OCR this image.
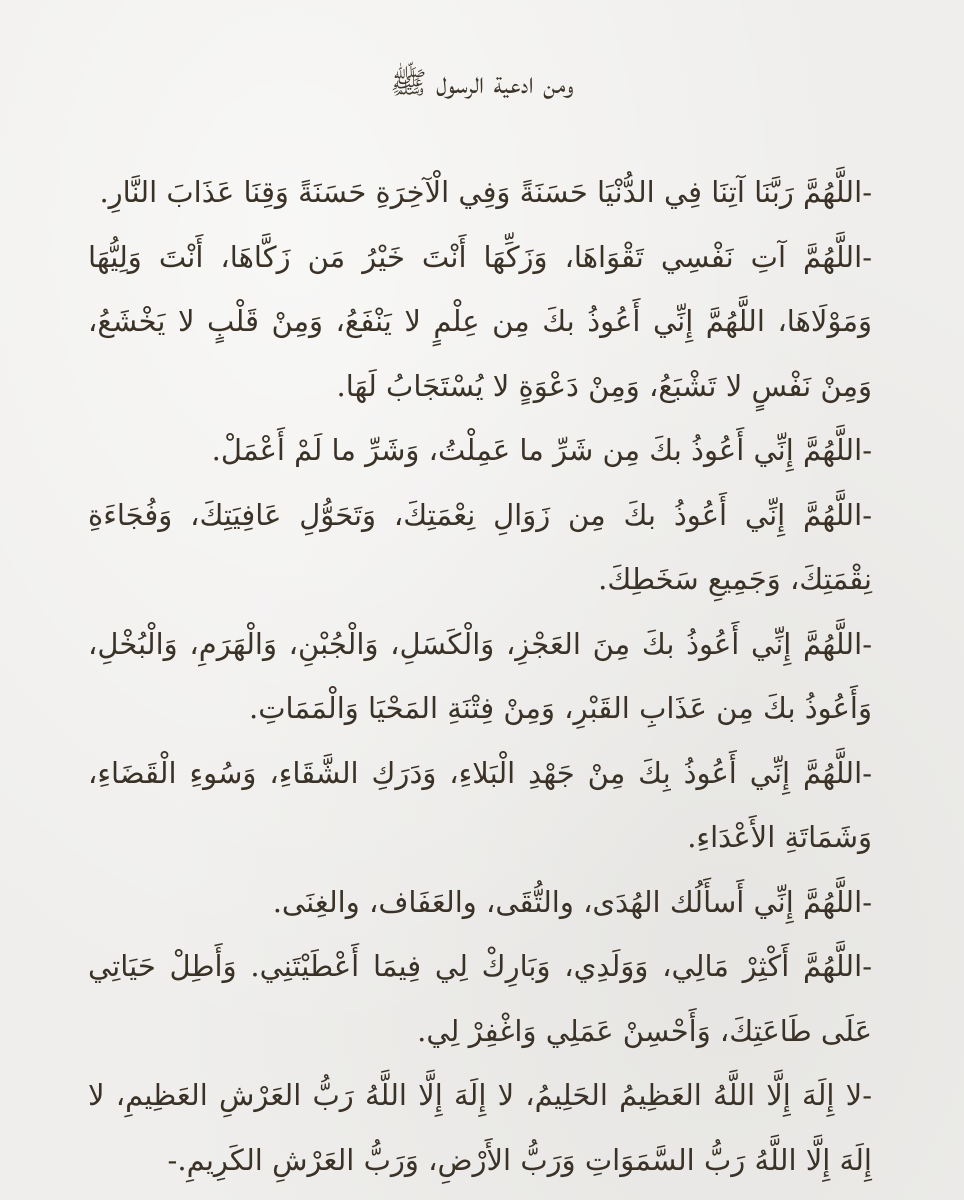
ومن ادعية الرسول ﷺ

-اللَّهُمَّ رَبَّنَا آتِنَا فِي الدُّنْيَا حَسَنَةً وَفِي الْآخِرَةِ حَسَنَةً وَقِنَا عَذَابَ النَّارِ.

-اللَّهُمَّ آتِ نَفْسِي تَقْوَاهَا، وَزَكِّهَا أَنْتَ خَيْرُ مَن زَكَّاهَا، أَنْتَ وَلِيُّهَا وَمَوْلَاهَا، اللَّهُمَّ إِنِّي أَعُوذُ بكَ مِن عِلْمٍ لا يَنْفَعُ، وَمِنْ قَلْبٍ لا يَخْشَعُ، وَمِنْ نَفْسٍ لا تَشْبَعُ، وَمِنْ دَعْوَةٍ لا يُسْتَجَابُ لَهَا.

-اللَّهُمَّ إِنِّي أَعُوذُ بكَ مِن شَرِّ ما عَمِلْتُ، وَشَرِّ ما لَمْ أَعْمَلْ.

-اللَّهُمَّ إِنِّي أَعُوذُ بكَ مِن زَوَالِ نِعْمَتِكَ، وَتَحَوُّلِ عَافِيَتِكَ، وَفُجَاءَةِ نِقْمَتِكَ، وَجَمِيعِ سَخَطِكَ.

-اللَّهُمَّ إِنِّي أَعُوذُ بكَ مِنَ العَجْزِ، وَالْكَسَلِ، وَالْجُبْنِ، وَالْهَرَمِ، وَالْبُخْلِ، وَأَعُوذُ بكَ مِن عَذَابِ القَبْرِ، وَمِنْ فِتْنَةِ المَحْيَا وَالْمَمَاتِ.

-اللَّهُمَّ إِنِّي أَعُوذُ بِكَ مِنْ جَهْدِ الْبَلاءِ، وَدَرَكِ الشَّقَاءِ، وَسُوءِ الْقَضَاءِ، وَشَمَاتَةِ الأَعْدَاءِ.

-اللَّهُمَّ إِنِّي أَسأَلُك الهُدَى، والتُّقَى، والعَفَاف، والغِنَى.

-اللَّهُمَّ أَكْثِرْ مَالِي، وَوَلَدِي، وَبَارِكْ لِي فِيمَا أَعْطَيْتَنِي. وَأَطِلْ حَيَاتِي عَلَى طَاعَتِكَ، وَأَحْسِنْ عَمَلِي وَاغْفِرْ لِي.

-لا إِلَهَ إِلَّا اللَّهُ العَظِيمُ الحَلِيمُ، لا إِلَهَ إِلَّا اللَّهُ رَبُّ العَرْشِ العَظِيمِ، لا إِلَهَ إِلَّا اللَّهُ رَبُّ السَّمَوَاتِ وَرَبُّ الأَرْضِ، وَرَبُّ العَرْشِ الكَرِيمِ.-
